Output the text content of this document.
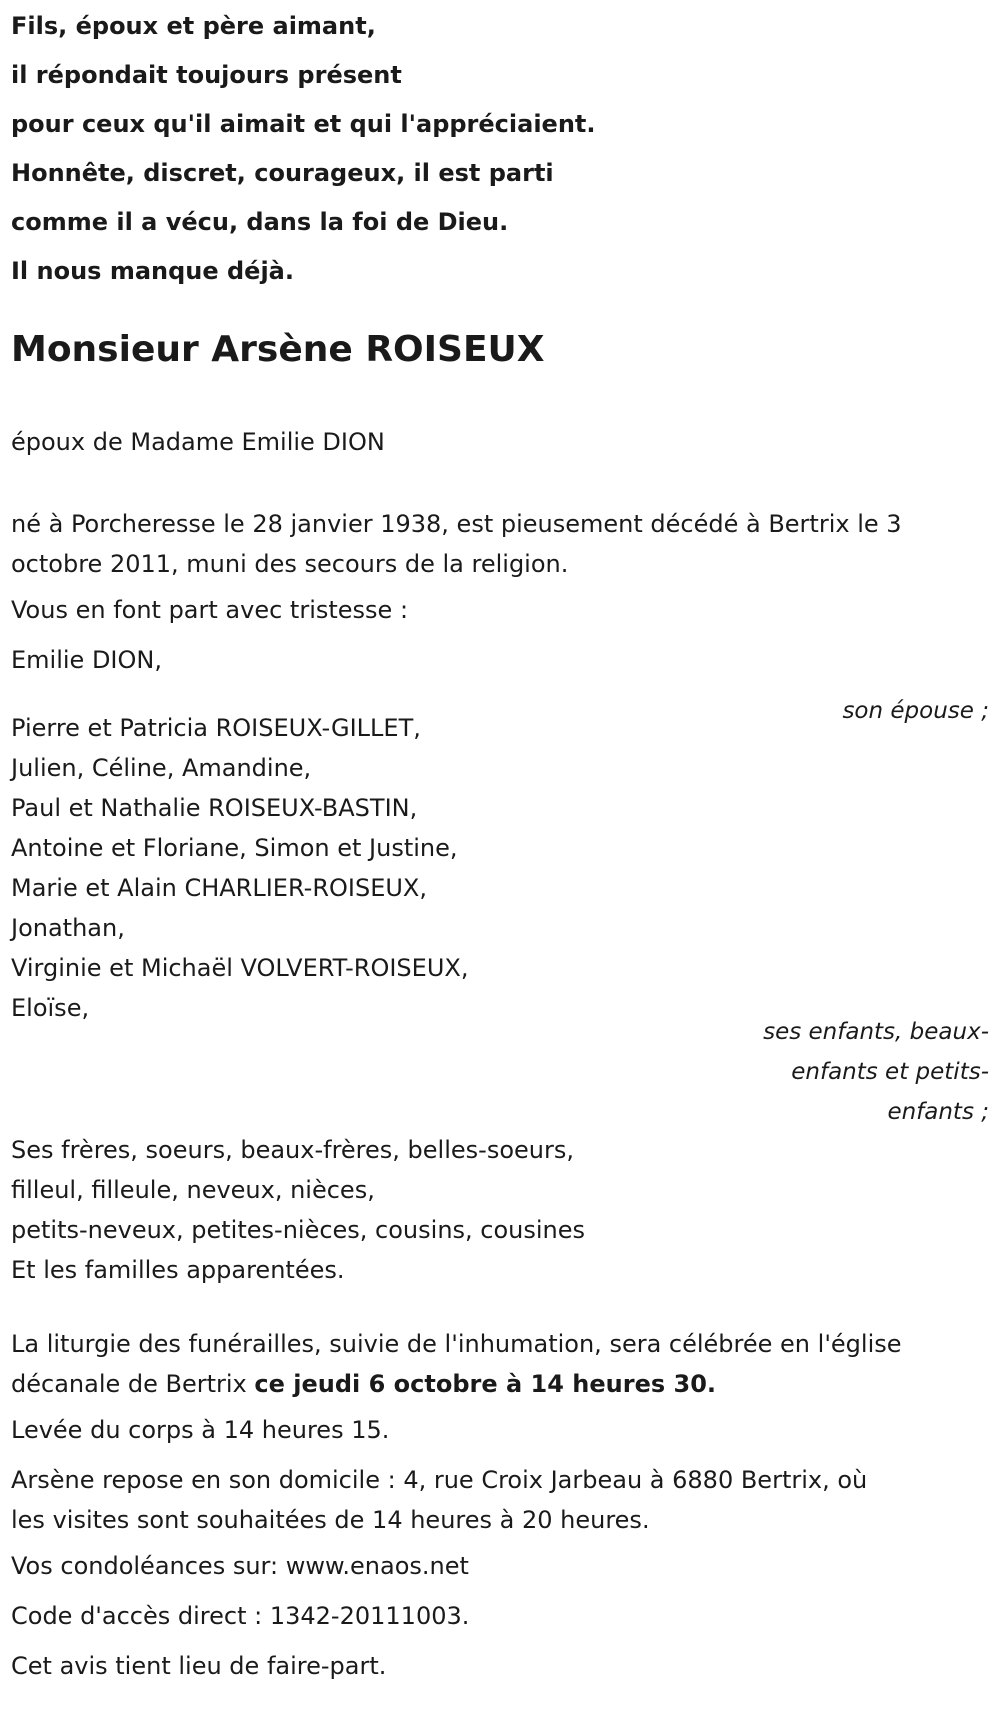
Fils, époux et père aimant,

il répondait toujours présent

pour ceux qu'il aimait et qui l'appréciaient.

Honnête, discret, courageux, il est parti

comme il a vécu, dans la foi de Dieu.

Il nous manque déjà.

Monsieur Arsène ROISEUX

époux de Madame Emilie DION

né à Porcheresse le 28 janvier 1938, est pieusement décédé à Bertrix le 3

octobre 2011, muni des secours de la religion.

Vous en font part avec tristesse :

Emilie DION,

son épouse ;

Pierre et Patricia ROISEUX-GILLET,

Julien, Céline, Amandine,

Paul et Nathalie ROISEUX-BASTIN,

Antoine et Floriane, Simon et Justine,

Marie et Alain CHARLIER-ROISEUX,

Jonathan,

Virginie et Michaël VOLVERT-ROISEUX,

Eloïse,

ses enfants, beaux-
enfants et petits-
enfants ;

Ses frères, soeurs, beaux-frères, belles-soeurs,

filleul, filleule, neveux, nièces,

petits-neveux, petites-nièces, cousins, cousines

Et les familles apparentées.

La liturgie des funérailles, suivie de l'inhumation, sera célébrée en l'église

décanale de Bertrix ce jeudi 6 octobre à 14 heures 30.

Levée du corps à 14 heures 15.

Arsène repose en son domicile : 4, rue Croix Jarbeau à 6880 Bertrix, où

les visites sont souhaitées de 14 heures à 20 heures.

Vos condoléances sur: www.enaos.net

Code d'accès direct : 1342-20111003.

Cet avis tient lieu de faire-part.
